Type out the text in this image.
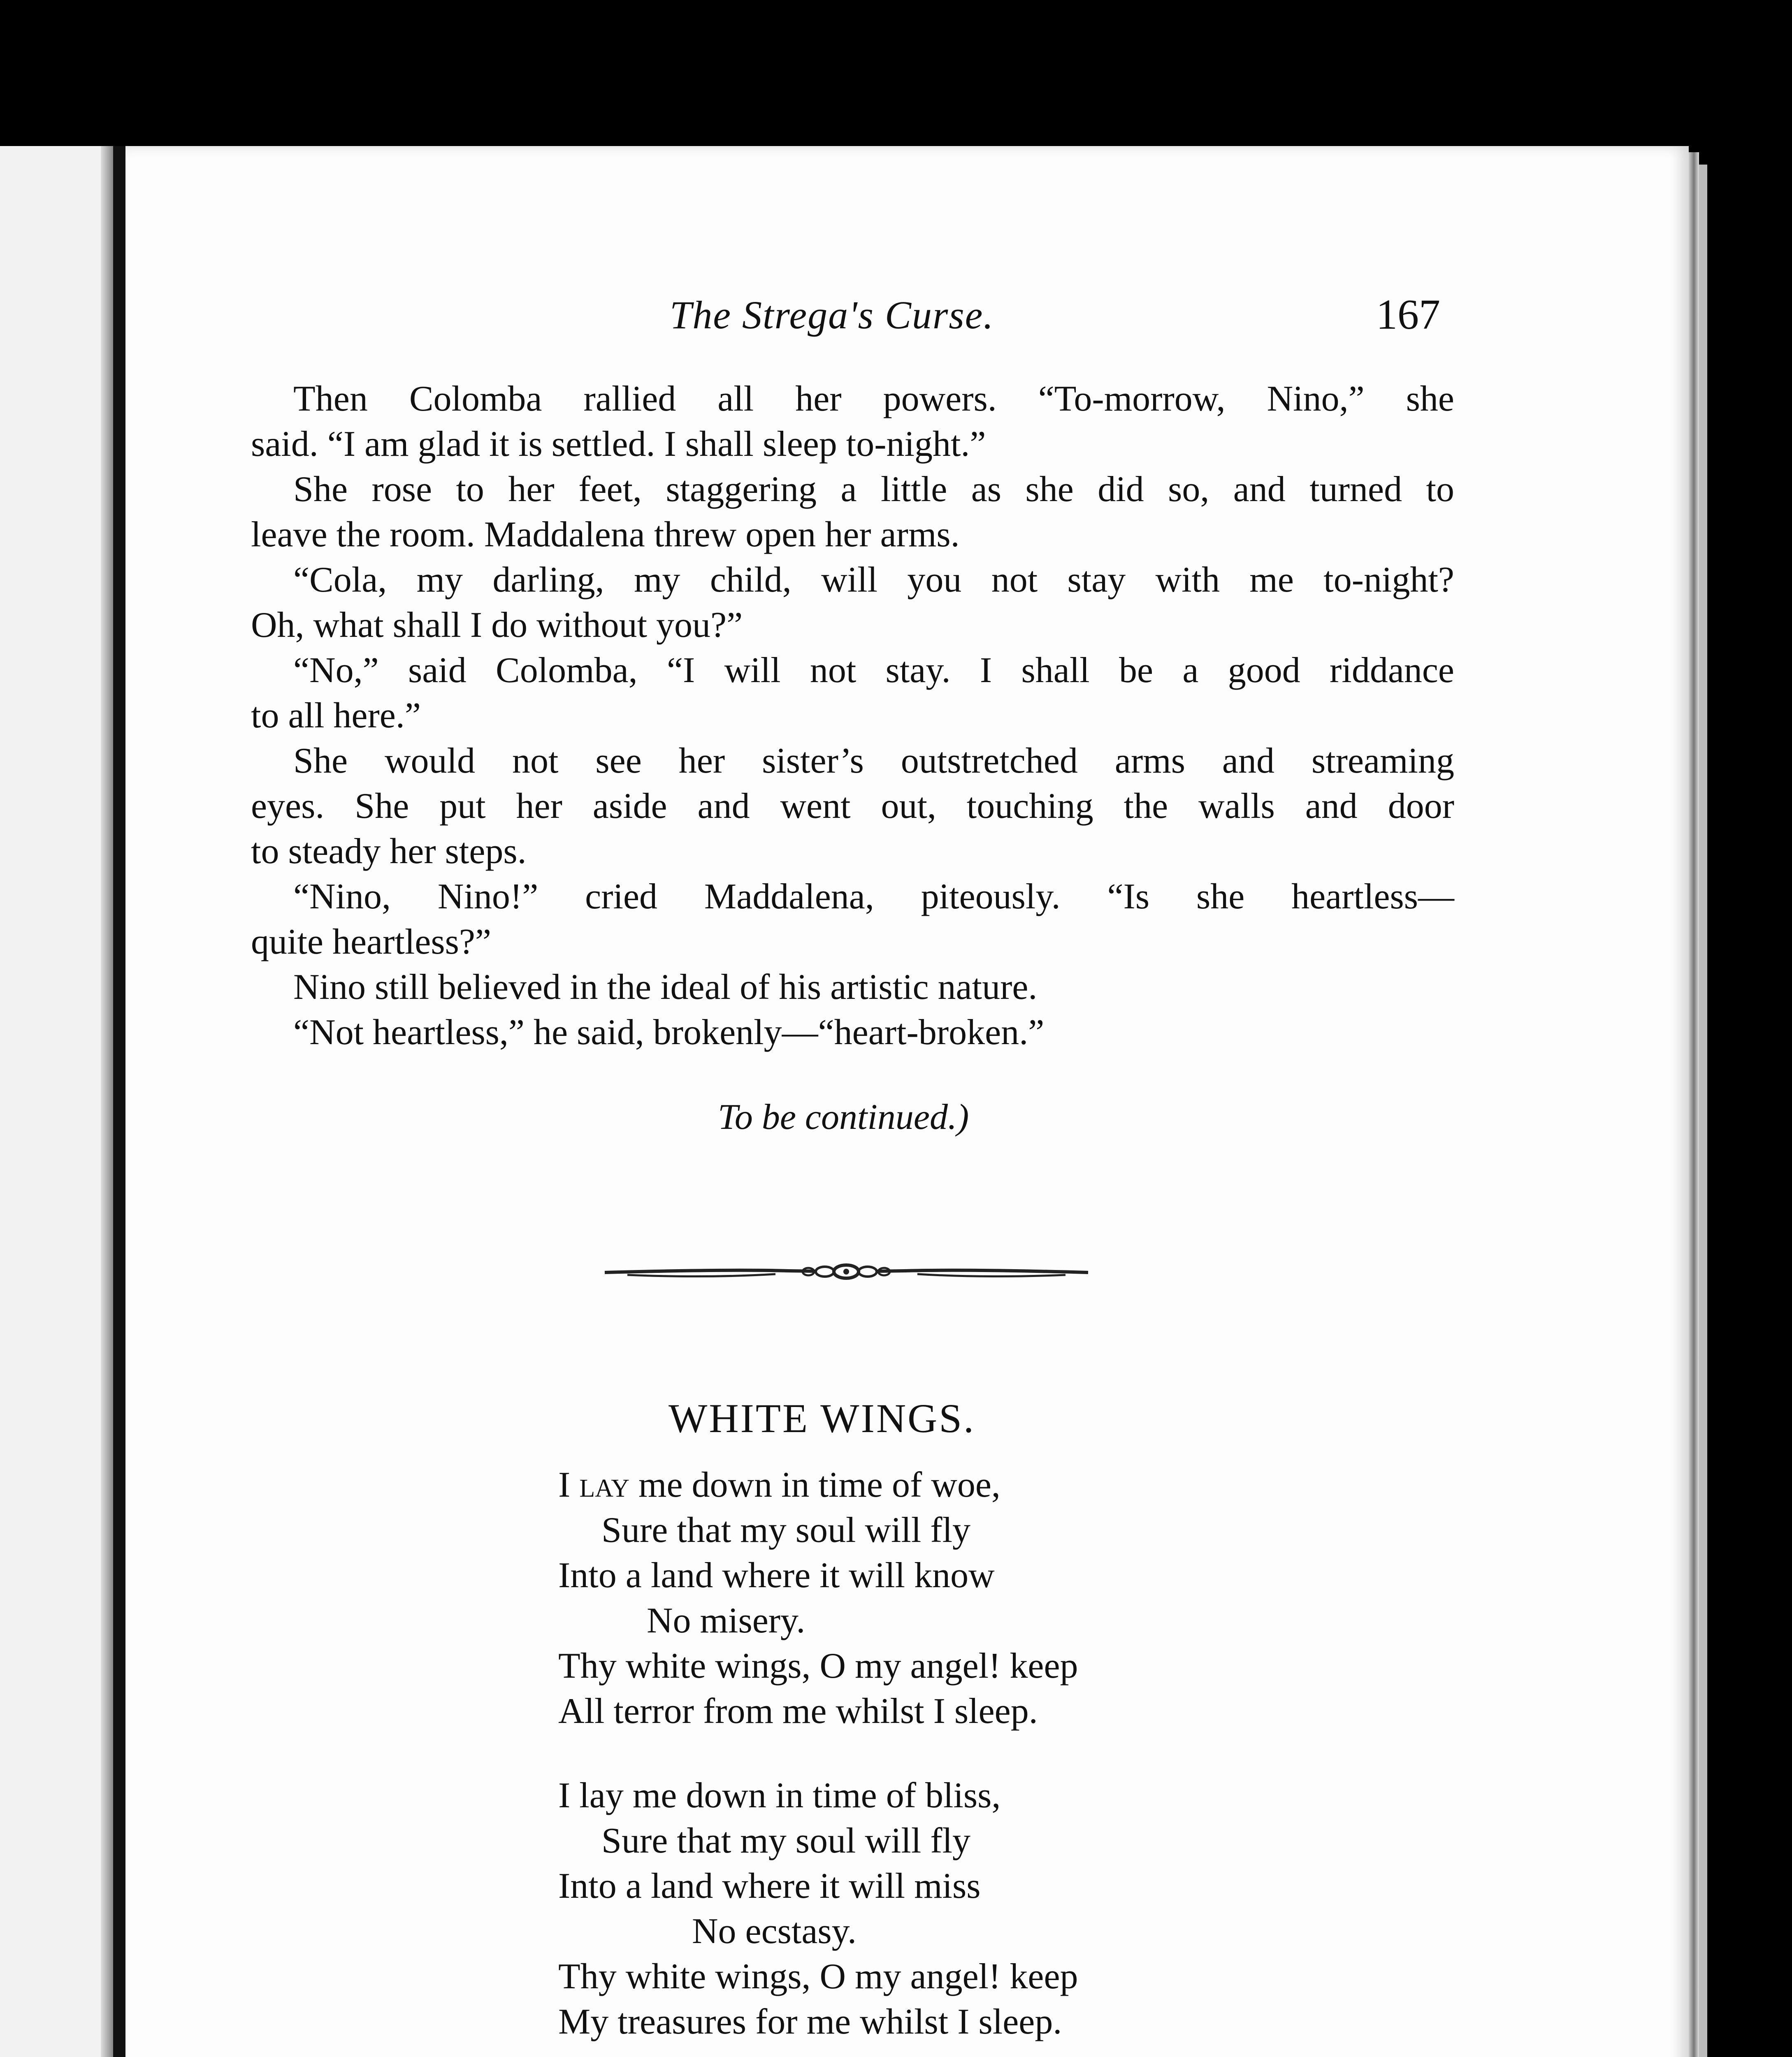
The Strega's Curse.	167
Then Colomba rallied all her powers. “To-morrow, Nino,” she
said. “I am glad it is settled. I shall sleep to-night.”
She rose to her feet, staggering a little as she did so, and turned to
leave the room. Maddalena threw open her arms.
“Cola, my darling, my child, will you not stay with me to-night?
Oh, what shall I do without you?”
“No,” said Colomba, “I will not stay. I shall be a good riddance
to all here.”
She would not see her sister’s outstretched arms and streaming
eyes. She put her aside and went out, touching the walls and door
to steady her steps.
“Nino, Nino!” cried Maddalena, piteously. “Is she heartless—
quite heartless?”
Nino still believed in the ideal of his artistic nature.
“Not heartless,” he said, brokenly—“heart-broken.”
To be continued.)
WHITE WINGS.
I lay me down in time of woe,
Sure that my soul will fly
Into a land where it will know
No misery.
Thy white wings, O my angel! keep
All terror from me whilst I sleep.
I lay me down in time of bliss,
Sure that my soul will fly
Into a land where it will miss
No ecstasy.
Thy white wings, O my angel! keep
My treasures for me whilst I sleep.
